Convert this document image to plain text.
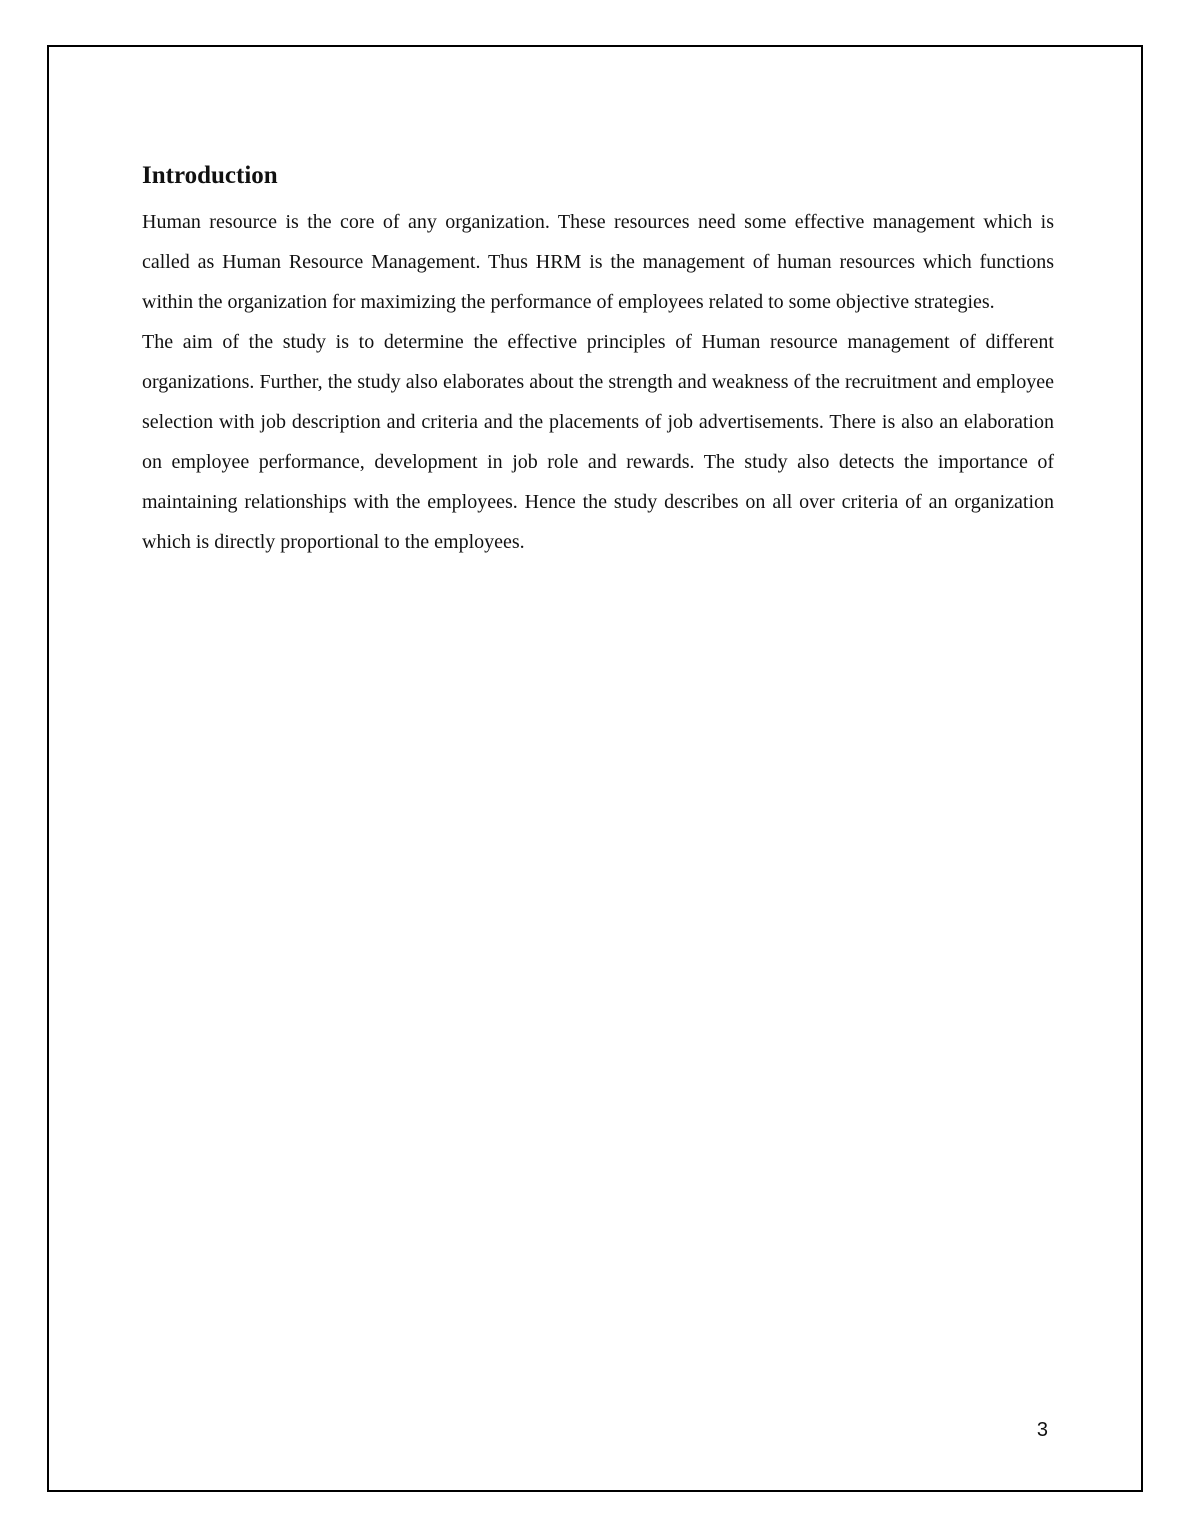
Introduction

Human resource is the core of any organization. These resources need some effective management which is called as Human Resource Management. Thus HRM is the management of human resources which functions within the organization for maximizing the performance of employees related to some objective strategies.

The aim of the study is to determine the effective principles of Human resource management of different organizations. Further, the study also elaborates about the strength and weakness of the recruitment and employee selection with job description and criteria and the placements of job advertisements. There is also an elaboration on employee performance, development in job role and rewards. The study also detects the importance of maintaining relationships with the employees. Hence the study describes on all over criteria of an organization which is directly proportional to the employees.

3
